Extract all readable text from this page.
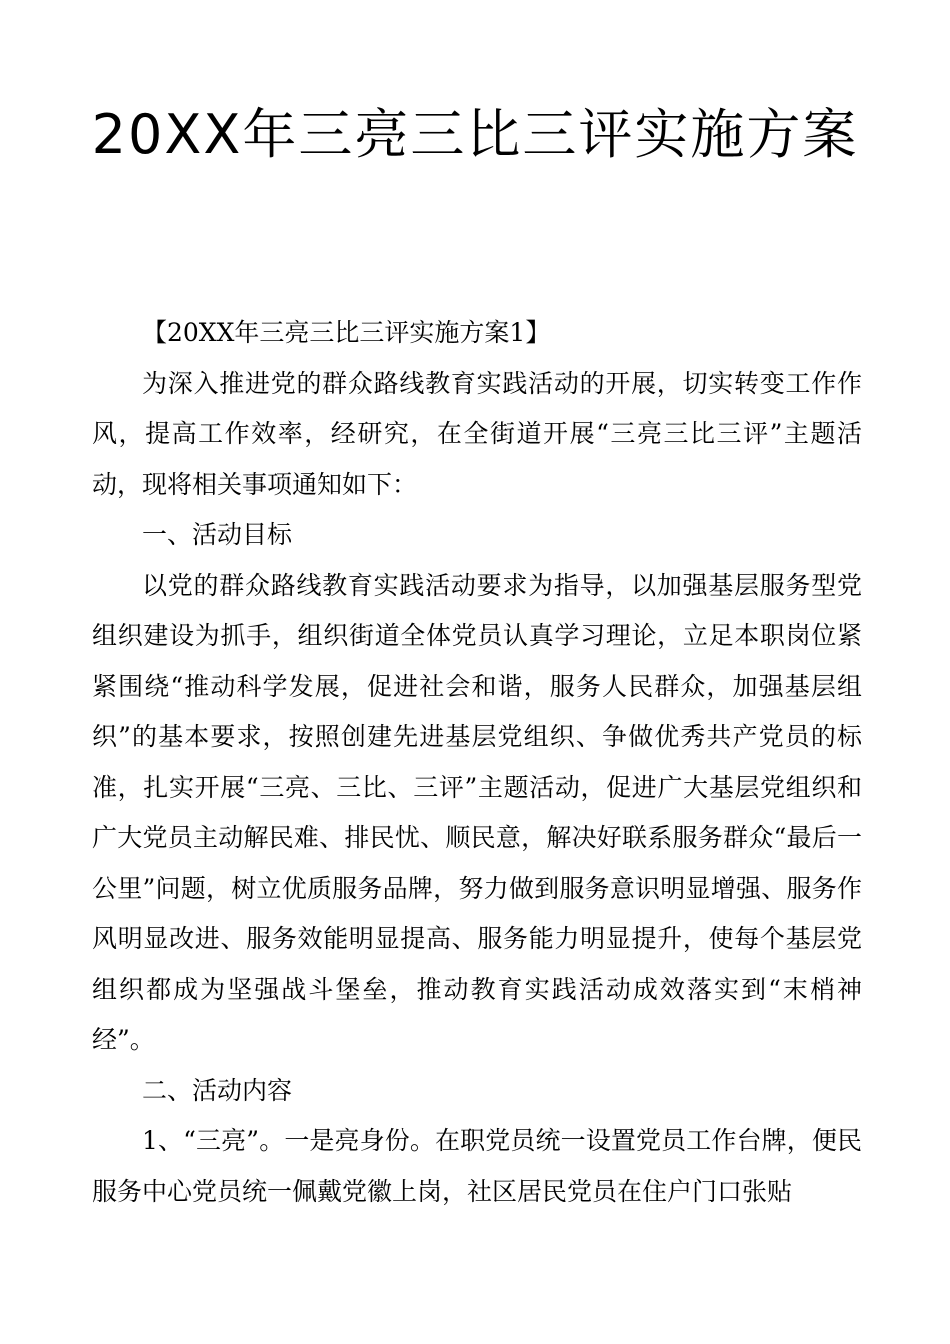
20XX年三亮三比三评实施方案

【20XX年三亮三比三评实施方案1】

为深入推进党的群众路线教育实践活动的开展，切实转变工作作风，提高工作效率，经研究，在全街道开展“三亮三比三评”主题活动，现将相关事项通知如下：

一、活动目标

以党的群众路线教育实践活动要求为指导，以加强基层服务型党组织建设为抓手，组织街道全体党员认真学习理论，立足本职岗位紧紧围绕“推动科学发展，促进社会和谐，服务人民群众，加强基层组织”的基本要求，按照创建先进基层党组织、争做优秀共产党员的标准，扎实开展“三亮、三比、三评”主题活动，促进广大基层党组织和广大党员主动解民难、排民忧、顺民意，解决好联系服务群众“最后一公里”问题，树立优质服务品牌，努力做到服务意识明显增强、服务作风明显改进、服务效能明显提高、服务能力明显提升，使每个基层党组织都成为坚强战斗堡垒，推动教育实践活动成效落实到“末梢神经”。

二、活动内容

1、“三亮”。一是亮身份。在职党员统一设置党员工作台牌，便民服务中心党员统一佩戴党徽上岗，社区居民党员在住户门口张贴
